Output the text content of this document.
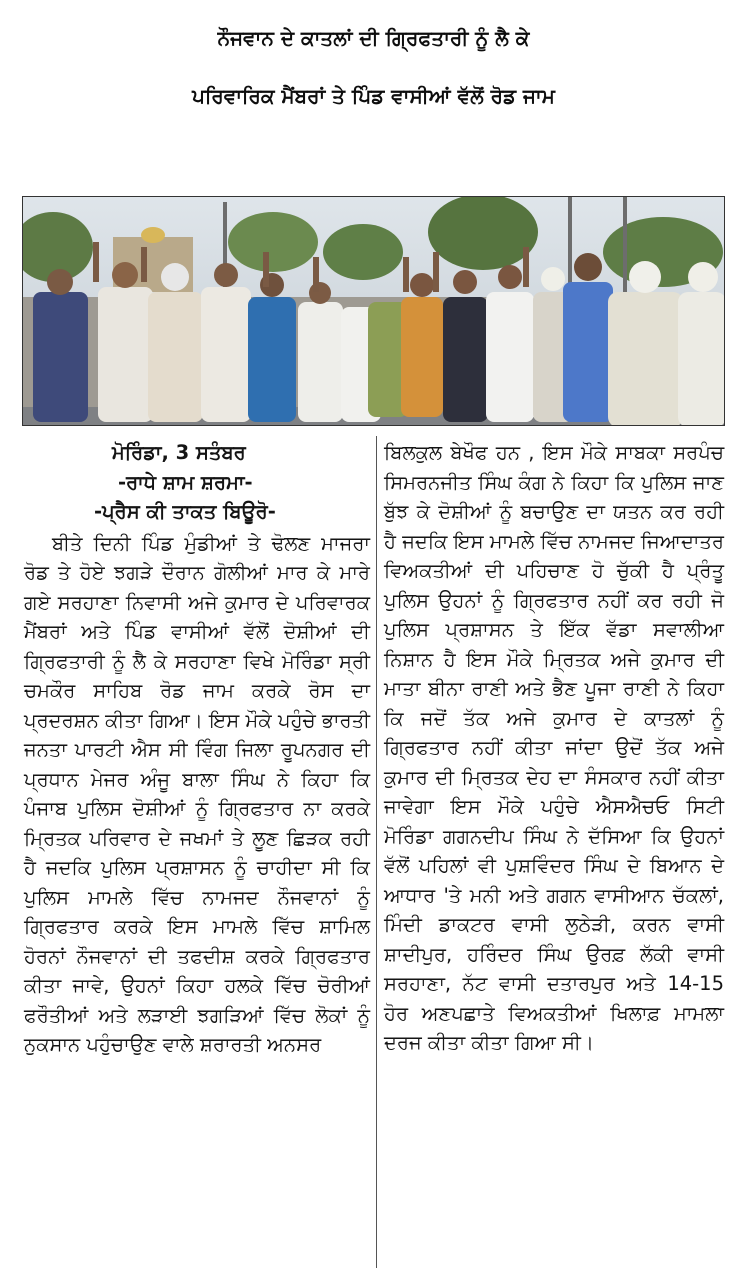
ਨੌਜਵਾਨ ਦੇ ਕਾਤਲਾਂ ਦੀ ਗ੍ਰਿਫਤਾਰੀ ਨੂੰ ਲੈ ਕੇ
ਪਰਿਵਾਰਿਕ ਮੈਂਬਰਾਂ ਤੇ ਪਿੰਡ ਵਾਸੀਆਂ ਵੱਲੋਂ ਰੋਡ ਜਾਮ
ਮੋਰਿੰਡਾ, 3 ਸਤੰਬਰ
-ਰਾਧੇ ਸ਼ਾਮ ਸ਼ਰਮਾ-
-ਪ੍ਰੈਸ ਕੀ ਤਾਕਤ ਬਿਊਰੋ-
ਬੀਤੇ ਦਿਨੀ ਪਿੰਡ ਮੁੰਡੀਆਂ ਤੇ ਢੋਲਣ ਮਾਜਰਾ ਰੋਡ ਤੇ ਹੋਏ ਝਗੜੇ ਦੌਰਾਨ ਗੋਲੀਆਂ ਮਾਰ ਕੇ ਮਾਰੇ ਗਏ ਸਰਹਾਣਾ ਨਿਵਾਸੀ ਅਜੇ ਕੁਮਾਰ ਦੇ ਪਰਿਵਾਰਕ ਮੈਂਬਰਾਂ ਅਤੇ ਪਿੰਡ ਵਾਸੀਆਂ ਵੱਲੋਂ ਦੋਸ਼ੀਆਂ ਦੀ ਗ੍ਰਿਫਤਾਰੀ ਨੂੰ ਲੈ ਕੇ ਸਰਹਾਣਾ ਵਿਖੇ ਮੋਰਿੰਡਾ ਸ੍ਰੀ ਚਮਕੌਰ ਸਾਹਿਬ ਰੋਡ ਜਾਮ ਕਰਕੇ ਰੋਸ ਦਾ ਪ੍ਰਦਰਸ਼ਨ ਕੀਤਾ ਗਿਆ। ਇਸ ਮੌਕੇ ਪਹੁੰਚੇ ਭਾਰਤੀ ਜਨਤਾ ਪਾਰਟੀ ਐਸ ਸੀ ਵਿੰਗ ਜਿਲਾ ਰੂਪਨਗਰ ਦੀ ਪ੍ਰਧਾਨ ਮੇਜਰ ਅੰਜੂ ਬਾਲਾ ਸਿੰਘ ਨੇ ਕਿਹਾ ਕਿ ਪੰਜਾਬ ਪੁਲਿਸ ਦੋਸ਼ੀਆਂ ਨੂੰ ਗ੍ਰਿਫਤਾਰ ਨਾ ਕਰਕੇ ਮ੍ਰਿਤਕ ਪਰਿਵਾਰ ਦੇ ਜਖਮਾਂ ਤੇ ਲੂਣ ਛਿੜਕ ਰਹੀ ਹੈ ਜਦਕਿ ਪੁਲਿਸ ਪ੍ਰਸ਼ਾਸਨ ਨੂੰ ਚਾਹੀਦਾ ਸੀ ਕਿ ਪੁਲਿਸ ਮਾਮਲੇ ਵਿੱਚ ਨਾਮਜਦ ਨੌਜਵਾਨਾਂ ਨੂੰ ਗ੍ਰਿਫਤਾਰ ਕਰਕੇ ਇਸ ਮਾਮਲੇ ਵਿੱਚ ਸ਼ਾਮਿਲ ਹੋਰਨਾਂ ਨੌਜਵਾਨਾਂ ਦੀ ਤਫਦੀਸ਼ ਕਰਕੇ ਗ੍ਰਿਫਤਾਰ ਕੀਤਾ ਜਾਵੇ, ਉਹਨਾਂ ਕਿਹਾ ਹਲਕੇ ਵਿੱਚ ਚੋਰੀਆਂ ਫਰੌਤੀਆਂ ਅਤੇ ਲੜਾਈ ਝਗੜਿਆਂ ਵਿੱਚ ਲੋਕਾਂ ਨੂੰ ਨੁਕਸਾਨ ਪਹੁੰਚਾਉਣ ਵਾਲੇ ਸ਼ਰਾਰਤੀ ਅਨਸਰ
ਬਿਲਕੁਲ ਬੇਖੌਫ ਹਨ , ਇਸ ਮੌਕੇ ਸਾਬਕਾ ਸਰਪੰਚ ਸਿਮਰਨਜੀਤ ਸਿੰਘ ਕੰਗ ਨੇ ਕਿਹਾ ਕਿ ਪੁਲਿਸ ਜਾਣ ਬੁੱਝ ਕੇ ਦੋਸ਼ੀਆਂ ਨੂੰ ਬਚਾਉਣ ਦਾ ਯਤਨ ਕਰ ਰਹੀ ਹੈ ਜਦਕਿ ਇਸ ਮਾਮਲੇ ਵਿੱਚ ਨਾਮਜਦ ਜਿਆਦਾਤਰ ਵਿਅਕਤੀਆਂ ਦੀ ਪਹਿਚਾਣ ਹੋ ਚੁੱਕੀ ਹੈ ਪ੍ਰੰਤੂ ਪੁਲਿਸ ਉਹਨਾਂ ਨੂੰ ਗ੍ਰਿਫਤਾਰ ਨਹੀਂ ਕਰ ਰਹੀ ਜੋ ਪੁਲਿਸ ਪ੍ਰਸ਼ਾਸਨ ਤੇ ਇੱਕ ਵੱਡਾ ਸਵਾਲੀਆ ਨਿਸ਼ਾਨ ਹੈ ਇਸ ਮੌਕੇ ਮ੍ਰਿਤਕ ਅਜੇ ਕੁਮਾਰ ਦੀ ਮਾਤਾ ਬੀਨਾ ਰਾਣੀ ਅਤੇ ਭੈਣ ਪੂਜਾ ਰਾਣੀ ਨੇ ਕਿਹਾ ਕਿ ਜਦੋਂ ਤੱਕ ਅਜੇ ਕੁਮਾਰ ਦੇ ਕਾਤਲਾਂ ਨੂੰ ਗ੍ਰਿਫਤਾਰ ਨਹੀਂ ਕੀਤਾ ਜਾਂਦਾ ਉਦੋਂ ਤੱਕ ਅਜੇ ਕੁਮਾਰ ਦੀ ਮ੍ਰਿਤਕ ਦੇਹ ਦਾ ਸੰਸਕਾਰ ਨਹੀਂ ਕੀਤਾ ਜਾਵੇਗਾ ਇਸ ਮੌਕੇ ਪਹੁੰਚੇ ਐਸਐਚਓ ਸਿਟੀ ਮੋਰਿੰਡਾ ਗਗਨਦੀਪ ਸਿੰਘ ਨੇ ਦੱਸਿਆ ਕਿ ਉਹਨਾਂ ਵੱਲੋਂ ਪਹਿਲਾਂ ਵੀ ਪੁਸ਼ਵਿੰਦਰ ਸਿੰਘ ਦੇ ਬਿਆਨ ਦੇ ਆਧਾਰ 'ਤੇ ਮਨੀ ਅਤੇ ਗਗਨ ਵਾਸੀਆਨ ਚੱਕਲਾਂ, ਮਿੰਦੀ ਡਾਕਟਰ ਵਾਸੀ ਲੁਠੇੜੀ, ਕਰਨ ਵਾਸੀ ਸ਼ਾਦੀਪੁਰ, ਹਰਿੰਦਰ ਸਿੰਘ ਉਰਫ਼ ਲੱਕੀ ਵਾਸੀ ਸਰਹਾਣਾ, ਨੱਟ ਵਾਸੀ ਦਤਾਰਪੁਰ ਅਤੇ 14-15 ਹੋਰ ਅਣਪਛਾਤੇ ਵਿਅਕਤੀਆਂ ਖਿਲਾਫ਼ ਮਾਮਲਾ ਦਰਜ ਕੀਤਾ ਕੀਤਾ ਗਿਆ ਸੀ।
